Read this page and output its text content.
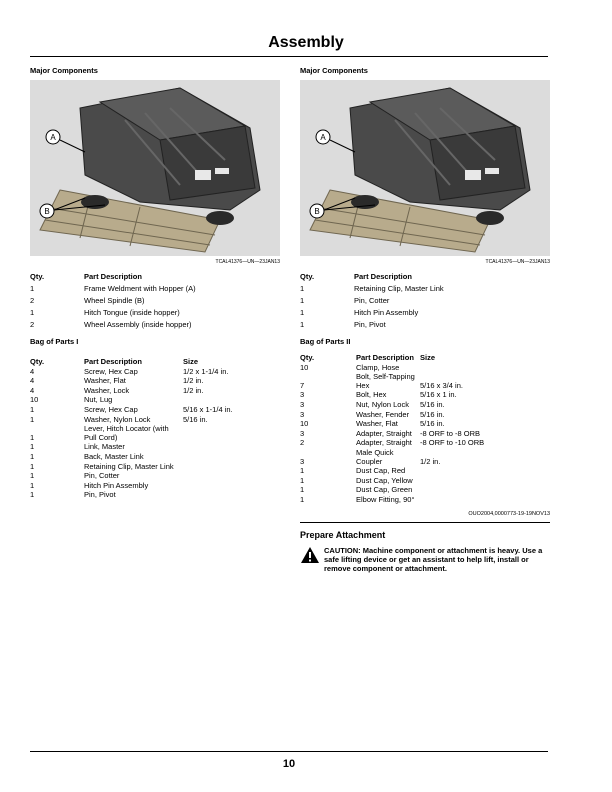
Assembly
Major Components
A
B
TCAL41376—UN—23JAN13
Qty.	Part Description
1	Frame Weldment with Hopper (A)
2	Wheel Spindle (B)
1	Hitch Tongue (inside hopper)
2	Wheel Assembly (inside hopper)
Bag of Parts I
Qty.	Part Description	Size
4	Screw, Hex Cap	1/2 x 1-1/4 in.
4	Washer, Flat	1/2 in.
4	Washer, Lock	1/2 in.
10	Nut, Lug	
1	Screw, Hex Cap	5/16 x 1-1/4 in.
1	Washer, Nylon Lock	5/16 in.
1	Lever, Hitch Locator (with Pull Cord)	
1	Link, Master	
1	Back, Master Link	
1	Retaining Clip, Master Link	
1	Pin, Cotter	
1	Hitch Pin Assembly	
1	Pin, Pivot	
Major Components
A
B
TCAL41376—UN—23JAN13
Qty.	Part Description
1	Retaining Clip, Master Link
1	Pin, Cotter
1	Hitch Pin Assembly
1	Pin, Pivot
Bag of Parts II
Qty.	Part Description	Size
10	Clamp, Hose	
7	Bolt, Self-Tapping Hex	5/16 x 3/4 in.
3	Bolt, Hex	5/16 x 1 in.
3	Nut, Nylon Lock	5/16 in.
3	Washer, Fender	5/16 in.
10	Washer, Flat	5/16 in.
3	Adapter, Straight	-8 ORF to -8 ORB
2	Adapter, Straight	-8 ORF to -10 ORB
3	Male Quick Coupler	1/2 in.
1	Dust Cap, Red	
1	Dust Cap, Yellow	
1	Dust Cap, Green	
1	Elbow Fitting, 90°	
OUO2004,0000773-19-19NOV13
Prepare Attachment
CAUTION: Machine component or attachment is heavy. Use a safe lifting device or get an assistant to help lift, install or remove component or attachment.
10
